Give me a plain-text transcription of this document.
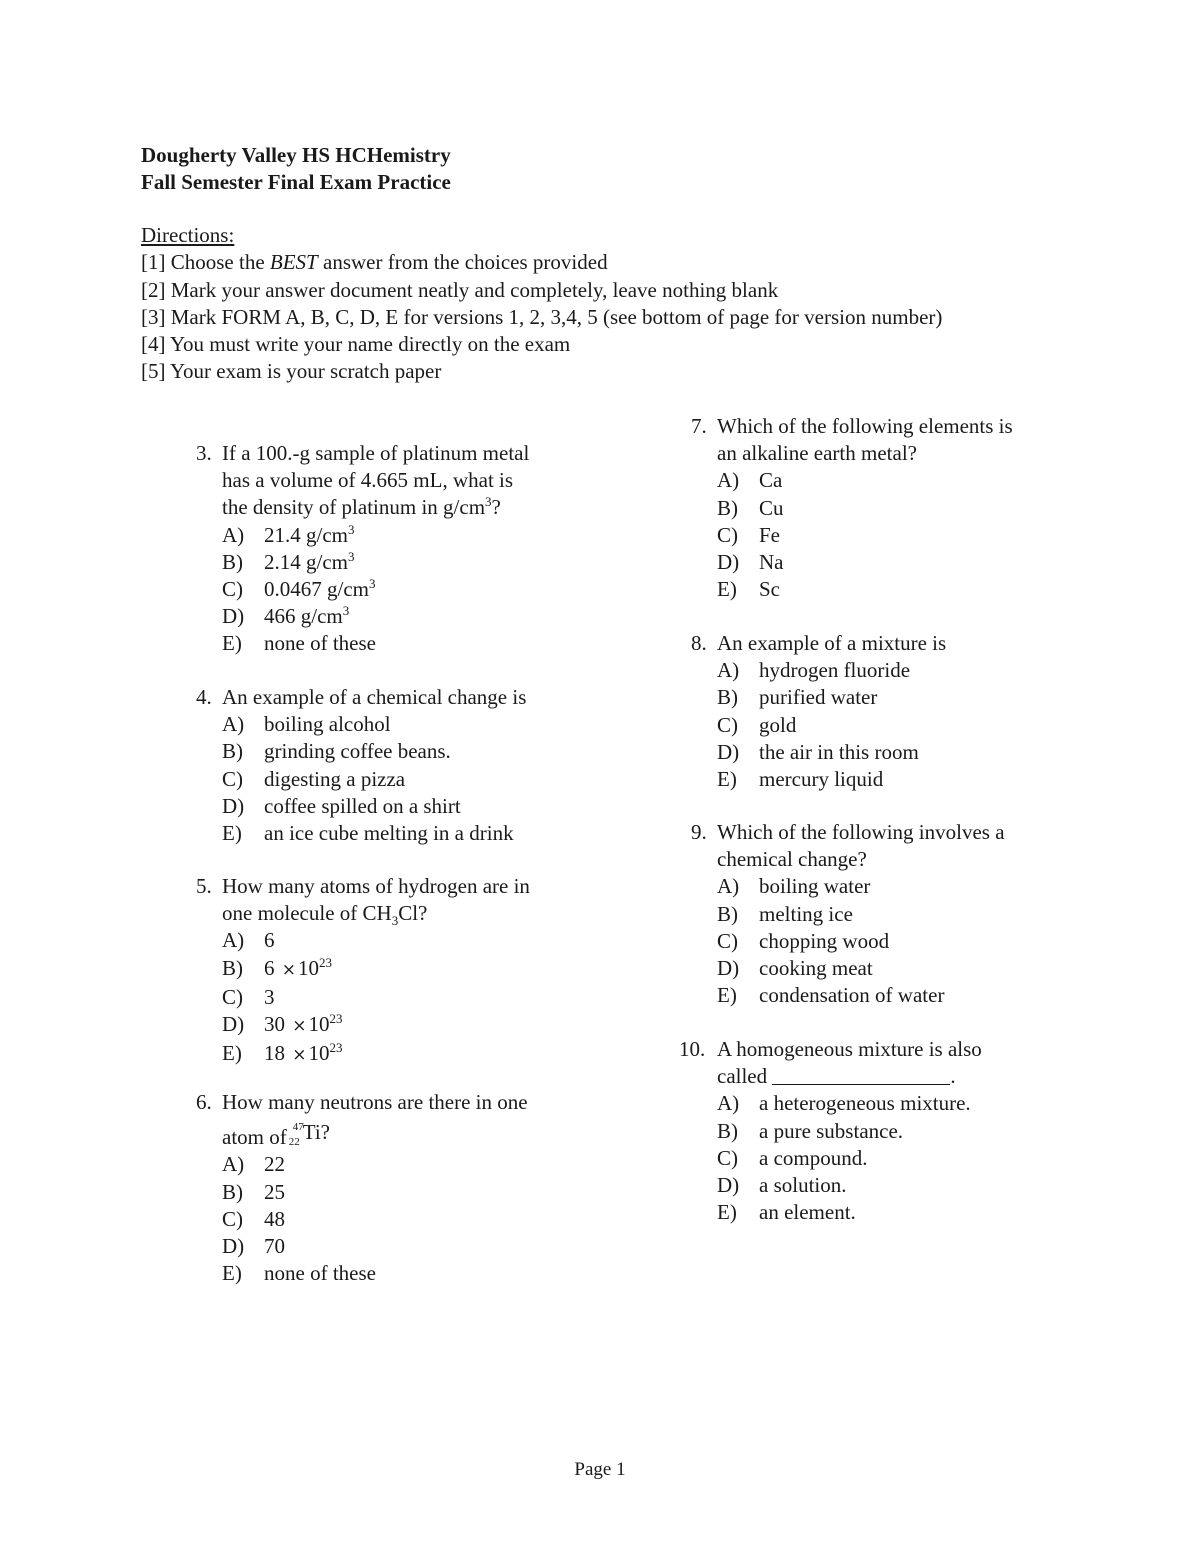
Dougherty Valley HS HCHemistry
Fall Semester Final Exam Practice
Directions:
[1] Choose the BEST answer from the choices provided
[2] Mark your answer document neatly and completely, leave nothing blank
[3] Mark FORM A, B, C, D, E for versions 1, 2, 3,4, 5 (see bottom of page for version number)
[4] You must write your name directly on the exam
[5] Your exam is your scratch paper
3. If a 100.-g sample of platinum metal
has a volume of 4.665 mL, what is
the density of platinum in $g/cm^3$?
A) 21.4 $g/cm^3$
B)	2.14 $g/cm^3$
C)	0.0467 $g/cm^3$
D) 466 $g/cm^3$
E)	none of these
4. An example of a chemical change is
A) boiling alcohol
B)	grinding coffee beans.
C)	digesting a pizza
D) coffee spilled on a shirt
E)	an ice cube melting in a drink
5. How many atoms of hydrogen are in
one molecule of $CH_3Cl$?
A) 6
B)	$6 \times 10^{23}$
C)	3
D) $30 \times 10^{23}$
E)	$18 \times 10^{23}$
6. How many neutrons are there in one
atom of 47
22 Ti?
A) 22
B)	25
C)	48
D) 70
E)	none of these
7. Which of the following elements is
an alkaline earth metal?
A) Ca
B)	Cu
C)	Fe
D) Na
E)	Sc
8. An example of a mixture is
A) hydrogen fluoride
B)	purified water
C)	gold
D) the air in this room
E)	mercury liquid
9. Which of the following involves a
chemical change?
A) boiling water
B)	melting ice
C)	chopping wood
D) cooking meat
E)	condensation of water
10. A homogeneous mixture is also
called	.
A) a heterogeneous mixture.
B)	a pure substance.
C)	a compound.
D) a solution.
E)	an element.
Page 1
